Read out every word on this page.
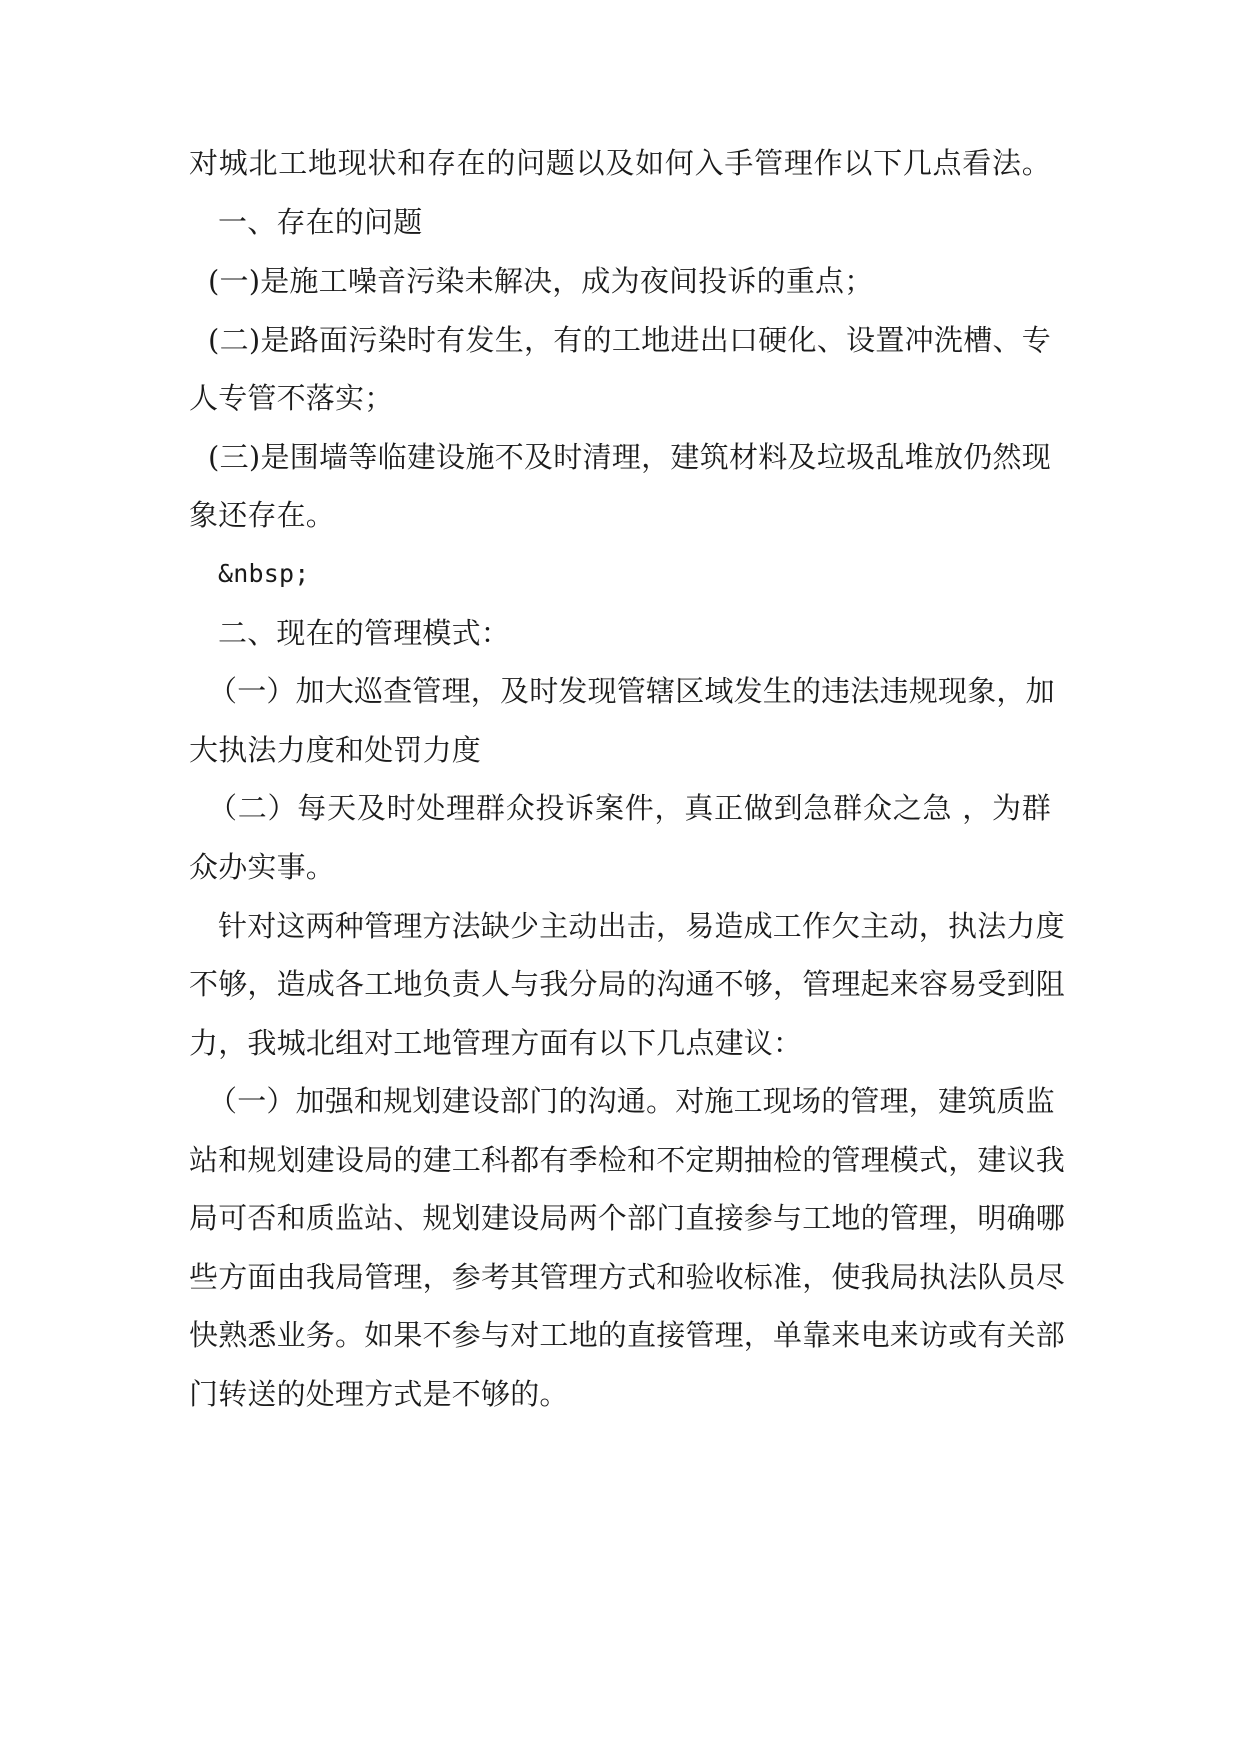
对城北工地现状和存在的问题以及如何入手管理作以下几点看法。
一、存在的问题
(一)是施工噪音污染未解决，成为夜间投诉的重点；
(二)是路面污染时有发生，有的工地进出口硬化、设置冲洗槽、专
人专管不落实；
(三)是围墙等临建设施不及时清理，建筑材料及垃圾乱堆放仍然现
象还存在。
&nbsp;
二、现在的管理模式：
（一）加大巡查管理，及时发现管辖区域发生的违法违规现象，加
大执法力度和处罚力度
（二）每天及时处理群众投诉案件，真正做到急群众之急 ，为群
众办实事。
针对这两种管理方法缺少主动出击，易造成工作欠主动，执法力度
不够，造成各工地负责人与我分局的沟通不够，管理起来容易受到阻
力，我城北组对工地管理方面有以下几点建议：
（一）加强和规划建设部门的沟通。对施工现场的管理，建筑质监
站和规划建设局的建工科都有季检和不定期抽检的管理模式，建议我
局可否和质监站、规划建设局两个部门直接参与工地的管理，明确哪
些方面由我局管理，参考其管理方式和验收标准，使我局执法队员尽
快熟悉业务。如果不参与对工地的直接管理，单靠来电来访或有关部
门转送的处理方式是不够的。
